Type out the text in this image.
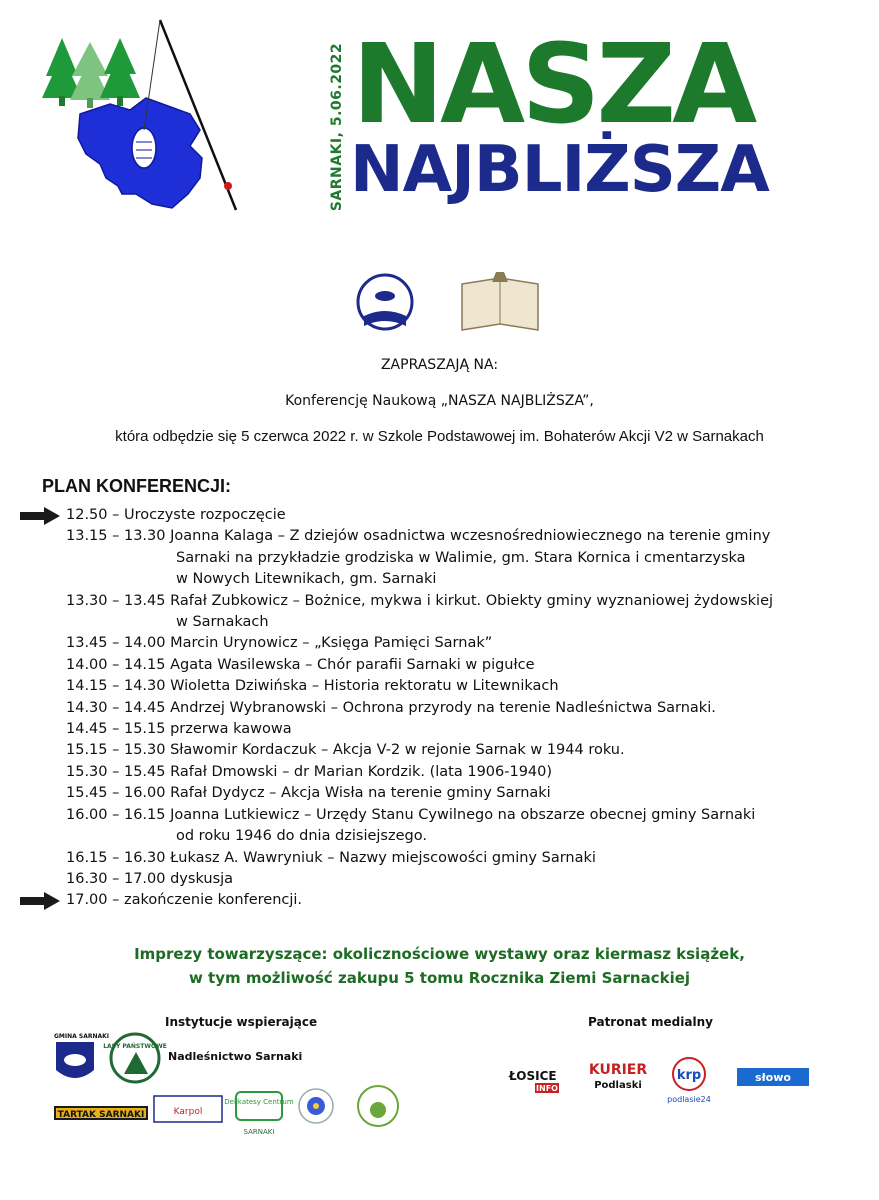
SARNAKI, 5.06.2022 NASZA
NAJBLIŻSZA
ZAPRASZAJĄ NA:
Konferencję Naukową „NASZA NAJBLIŻSZA”,
która odbędzie się 5 czerwca 2022 r. w Szkole Podstawowej im. Bohaterów Akcji V2 w Sarnakach
PLAN KONFERENCJI:
12.50 – Uroczyste rozpoczęcie
13.15 – 13.30 Joanna Kalaga – Z dziejów osadnictwa wczesnośredniowiecznego na terenie gminy
Sarnaki na przykładzie grodziska w Walimie, gm. Stara Kornica i cmentarzyska
w Nowych Litewnikach, gm. Sarnaki
13.30 – 13.45 Rafał Zubkowicz – Bożnice, mykwa i kirkut. Obiekty gminy wyznaniowej żydowskiej
w Sarnakach
13.45 – 14.00 Marcin Urynowicz – „Księga Pamięci Sarnak”
14.00 – 14.15 Agata Wasilewska – Chór parafii Sarnaki w pigułce
14.15 – 14.30 Wioletta Dziwińska – Historia rektoratu w Litewnikach
14.30 – 14.45 Andrzej Wybranowski – Ochrona przyrody na terenie Nadleśnictwa Sarnaki.
14.45 – 15.15 przerwa kawowa
15.15 – 15.30 Sławomir Kordaczuk – Akcja V-2 w rejonie Sarnak w 1944 roku.
15.30 – 15.45 Rafał Dmowski – dr Marian Kordzik. (lata 1906-1940)
15.45 – 16.00 Rafał Dydycz – Akcja Wisła na terenie gminy Sarnaki
16.00 – 16.15 Joanna Lutkiewicz – Urzędy Stanu Cywilnego na obszarze obecnej gminy Sarnaki
od roku 1946 do dnia dzisiejszego.
16.15 – 16.30 Łukasz A. Wawryniuk – Nazwy miejscowości gminy Sarnaki
16.30 – 17.00 dyskusja
17.00 – zakończenie konferencji.
Imprezy towarzyszące: okolicznościowe wystawy oraz kiermasz książek,
w tym możliwość zakupu 5 tomu Rocznika Ziemi Sarnackiej
Instytucje wspierające	Patronat medialny
GMINA SARNAKI
LASY PAŃSTWOWE
Nadleśnictwo Sarnaki
TARTAK SARNAKI	Karpol
Delikatesy Centrum
SARNAKI
ŁOSICE
INFO
KURIER
Podlaski
krp
podlasie24
słowo
